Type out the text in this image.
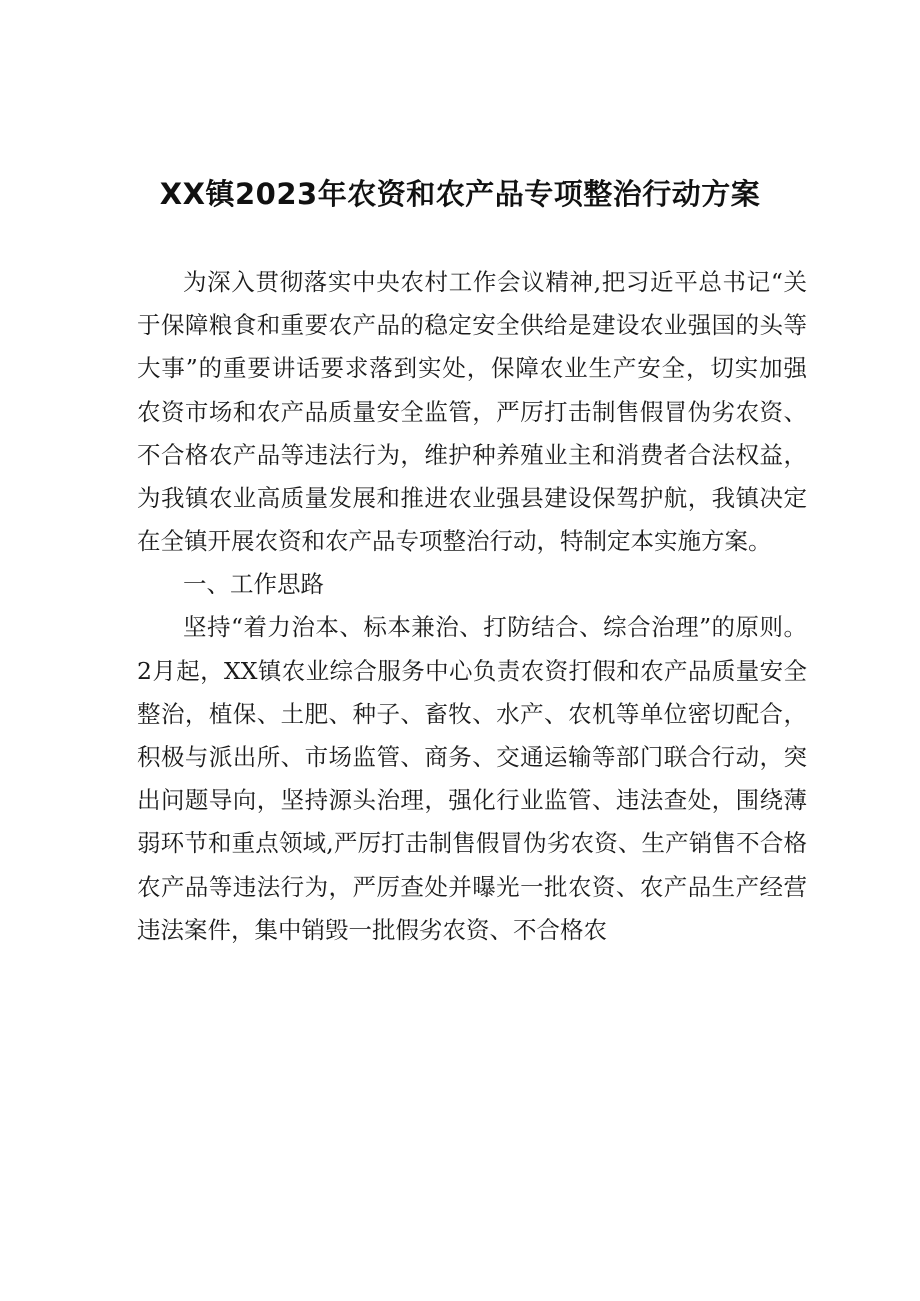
XX镇2023年农资和农产品专项整治行动方案
为深入贯彻落实中央农村工作会议精神,把习近平总书记“关
于保障粮食和重要农产品的稳定安全供给是建设农业强国的头等
大事”的重要讲话要求落到实处，保障农业生产安全，切实加强
农资市场和农产品质量安全监管，严厉打击制售假冒伪劣农资、
不合格农产品等违法行为，维护种养殖业主和消费者合法权益，
为我镇农业高质量发展和推进农业强县建设保驾护航，我镇决定
在全镇开展农资和农产品专项整治行动，特制定本实施方案。
一、工作思路
坚持“着力治本、标本兼治、打防结合、综合治理”的原则。
2月起，XX镇农业综合服务中心负责农资打假和农产品质量安全
整治，植保、土肥、种子、畜牧、水产、农机等单位密切配合，
积极与派出所、市场监管、商务、交通运输等部门联合行动，突
出问题导向，坚持源头治理，强化行业监管、违法查处，围绕薄
弱环节和重点领域,严厉打击制售假冒伪劣农资、生产销售不合格
农产品等违法行为，严厉查处并曝光一批农资、农产品生产经营
违法案件，集中销毁一批假劣农资、不合格农
